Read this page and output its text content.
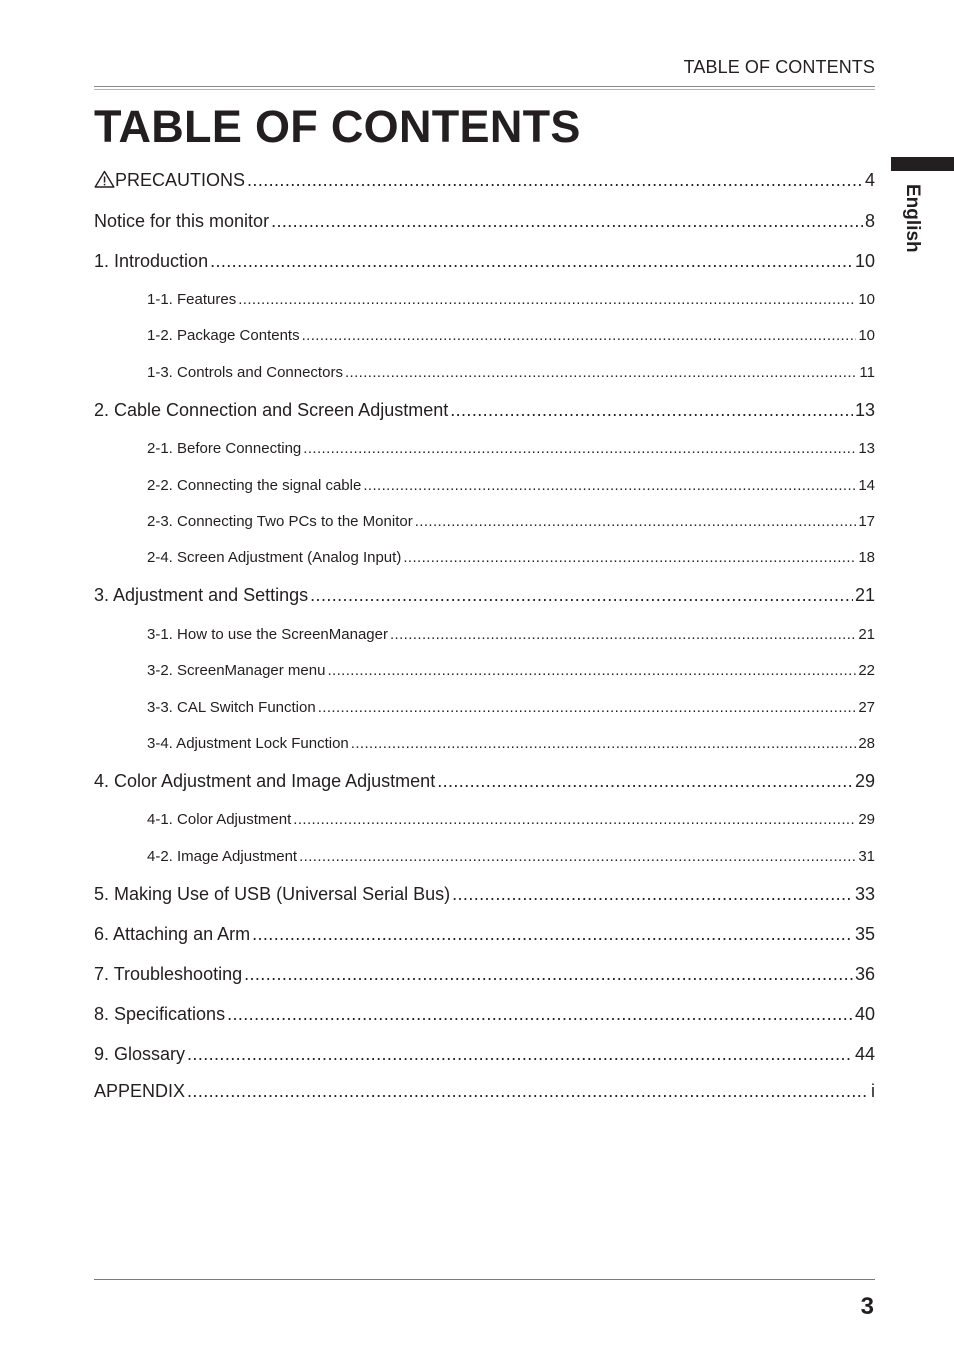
TABLE OF CONTENTS
TABLE OF CONTENTS
English
PRECAUTIONS .....	4
Notice for this monitor .....	8
1. Introduction .....	10
1-1. Features .....	10
1-2. Package Contents .....	10
1-3. Controls and Connectors .....	11
2. Cable Connection and Screen Adjustment .....	13
2-1. Before Connecting .....	13
2-2. Connecting the signal cable .....	14
2-3. Connecting Two PCs to the Monitor .....	17
2-4. Screen Adjustment (Analog Input) .....	18
3. Adjustment and Settings .....	21
3-1. How to use the ScreenManager .....	21
3-2. ScreenManager menu .....	22
3-3. CAL Switch Function .....	27
3-4. Adjustment Lock Function .....	28
4. Color Adjustment and Image Adjustment .....	29
4-1. Color Adjustment .....	29
4-2. Image Adjustment .....	31
5. Making Use of USB (Universal Serial Bus) .....	33
6. Attaching an Arm .....	35
7. Troubleshooting .....	36
8. Specifications .....	40
9. Glossary .....	44
APPENDIX .....	i
3
